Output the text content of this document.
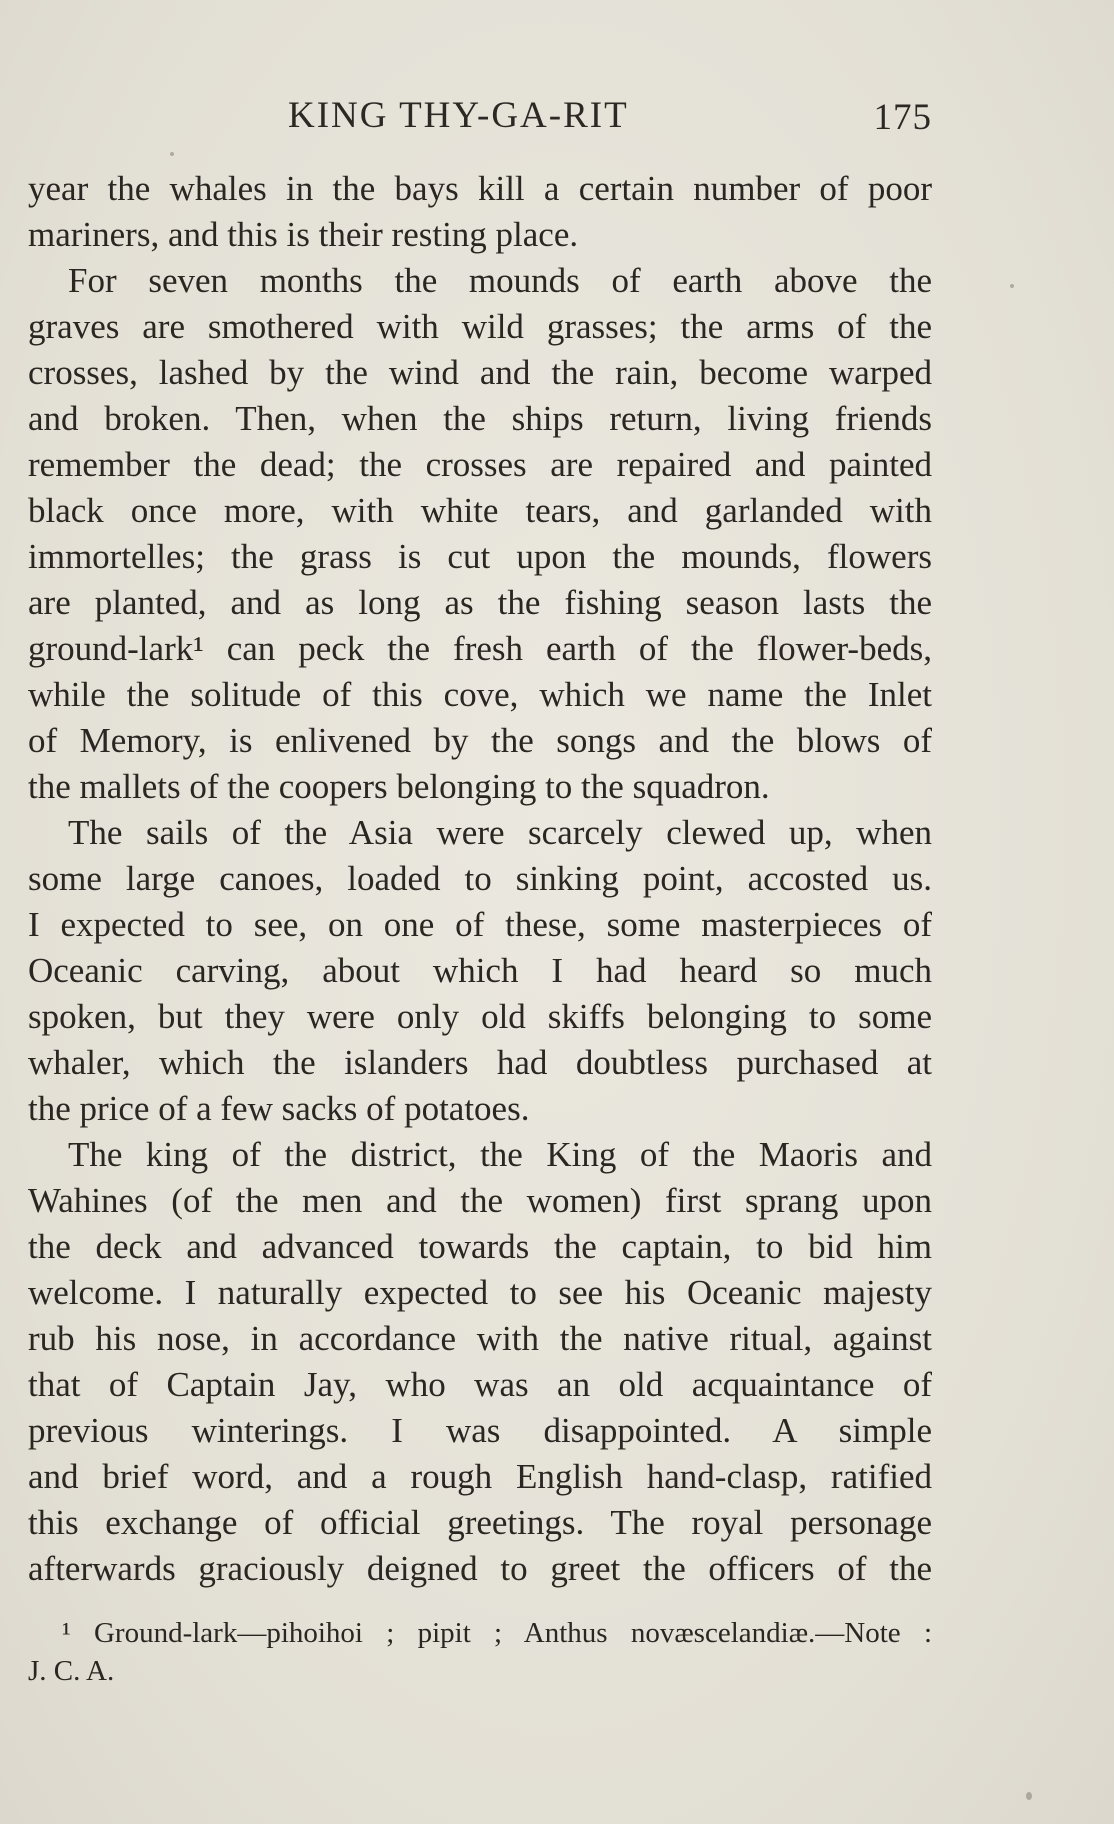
KING THY-GA-RIT	175
year the whales in the bays kill a certain number of poor
mariners, and this is their resting place.
For seven months the mounds of earth above the
graves are smothered with wild grasses; the arms of the
crosses, lashed by the wind and the rain, become warped
and broken. Then, when the ships return, living friends
remember the dead; the crosses are repaired and painted
black once more, with white tears, and garlanded with
immortelles; the grass is cut upon the mounds, flowers
are planted, and as long as the fishing season lasts the
ground-lark¹ can peck the fresh earth of the flower-beds,
while the solitude of this cove, which we name the Inlet
of Memory, is enlivened by the songs and the blows of
the mallets of the coopers belonging to the squadron.
The sails of the Asia were scarcely clewed up, when
some large canoes, loaded to sinking point, accosted us.
I expected to see, on one of these, some masterpieces of
Oceanic carving, about which I had heard so much
spoken, but they were only old skiffs belonging to some
whaler, which the islanders had doubtless purchased at
the price of a few sacks of potatoes.
The king of the district, the King of the Maoris and
Wahines (of the men and the women) first sprang upon
the deck and advanced towards the captain, to bid him
welcome. I naturally expected to see his Oceanic majesty
rub his nose, in accordance with the native ritual, against
that of Captain Jay, who was an old acquaintance of
previous winterings. I was disappointed. A simple
and brief word, and a rough English hand-clasp, ratified
this exchange of official greetings. The royal personage
afterwards graciously deigned to greet the officers of the
¹ Ground-lark—pihoihoi ; pipit ; Anthus novæscelandiæ.—Note :
J. C. A.
